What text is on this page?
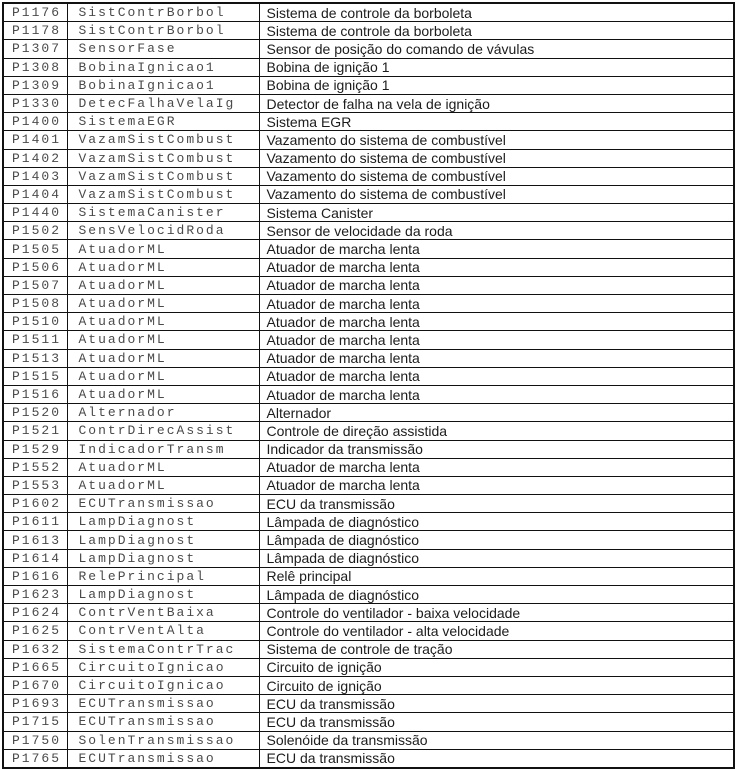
P1176	SistContrBorbol	Sistema de controle da borboleta
P1178	SistContrBorbol	Sistema de controle da borboleta
P1307	SensorFase	Sensor de posição do comando de vávulas
P1308	BobinaIgnicao1	Bobina de ignição 1
P1309	BobinaIgnicao1	Bobina de ignição 1
P1330	DetecFalhaVelaIg	Detector de falha na vela de ignição
P1400	SistemaEGR	Sistema EGR
P1401	VazamSistCombust	Vazamento do sistema de combustível
P1402	VazamSistCombust	Vazamento do sistema de combustível
P1403	VazamSistCombust	Vazamento do sistema de combustível
P1404	VazamSistCombust	Vazamento do sistema de combustível
P1440	SistemaCanister	Sistema Canister
P1502	SensVelocidRoda	Sensor de velocidade da roda
P1505	AtuadorML	Atuador de marcha lenta
P1506	AtuadorML	Atuador de marcha lenta
P1507	AtuadorML	Atuador de marcha lenta
P1508	AtuadorML	Atuador de marcha lenta
P1510	AtuadorML	Atuador de marcha lenta
P1511	AtuadorML	Atuador de marcha lenta
P1513	AtuadorML	Atuador de marcha lenta
P1515	AtuadorML	Atuador de marcha lenta
P1516	AtuadorML	Atuador de marcha lenta
P1520	Alternador	Alternador
P1521	ContrDirecAssist	Controle de direção assistida
P1529	IndicadorTransm	Indicador da transmissão
P1552	AtuadorML	Atuador de marcha lenta
P1553	AtuadorML	Atuador de marcha lenta
P1602	ECUTransmissao	ECU da transmissão
P1611	LampDiagnost	Lâmpada de diagnóstico
P1613	LampDiagnost	Lâmpada de diagnóstico
P1614	LampDiagnost	Lâmpada de diagnóstico
P1616	RelePrincipal	Relê principal
P1623	LampDiagnost	Lâmpada de diagnóstico
P1624	ContrVentBaixa	Controle do ventilador - baixa velocidade
P1625	ContrVentAlta	Controle do ventilador - alta velocidade
P1632	SistemaContrTrac	Sistema de controle de tração
P1665	CircuitoIgnicao	Circuito de ignição
P1670	CircuitoIgnicao	Circuito de ignição
P1693	ECUTransmissao	ECU da transmissão
P1715	ECUTransmissao	ECU da transmissão
P1750	SolenTransmissao	Solenóide da transmissão
P1765	ECUTransmissao	ECU da transmissão
